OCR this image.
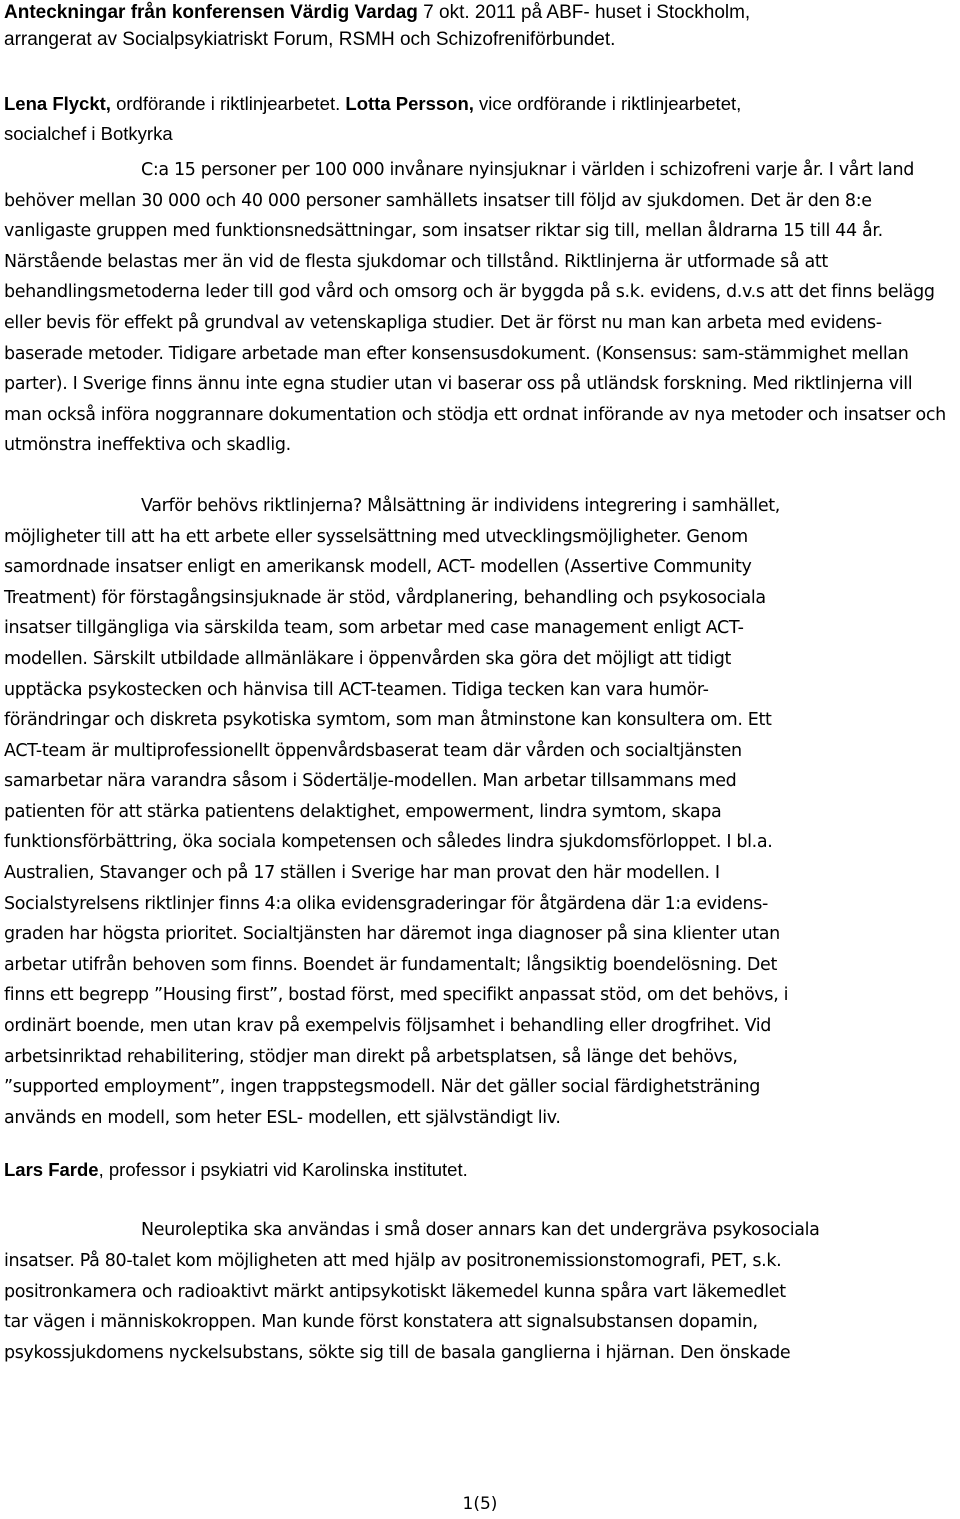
Anteckningar från konferensen Värdig Vardag 7 okt. 2011 på ABF- huset i Stockholm,

arrangerat av Socialpsykiatriskt Forum, RSMH och Schizofreniförbundet.

Lena Flyckt, ordförande i riktlinjearbetet. Lotta Persson, vice ordförande i riktlinjearbetet,

socialchef i Botkyrka

C:a 15 personer per 100 000 invånare nyinsjuknar i världen i schizofreni varje år. I vårt land behöver mellan 30 000 och 40 000 personer samhällets insatser till följd av sjukdomen. Det är den 8:e vanligaste gruppen med funktionsnedsättningar, som insatser riktar sig till, mellan åldrarna 15 till 44 år. Närstående belastas mer än vid de flesta sjukdomar och tillstånd. Riktlinjerna är utformade så att behandlingsmetoderna leder till god vård och omsorg och är byggda på s.k. evidens, d.v.s att det finns belägg eller bevis för effekt på grundval av vetenskapliga studier. Det är först nu man kan arbeta med evidens-baserade metoder. Tidigare arbetade man efter konsensusdokument. (Konsensus: sam-stämmighet mellan parter). I Sverige finns ännu inte egna studier utan vi baserar oss på utländsk forskning. Med riktlinjerna vill man också införa noggrannare dokumentation och stödja ett ordnat införande av nya metoder och insatser och utmönstra ineffektiva och skadlig.

Varför behövs riktlinjerna? Målsättning är individens integrering i samhället,

möjligheter till att ha ett arbete eller sysselsättning med utvecklingsmöjligheter. Genom

samordnade insatser enligt en amerikansk modell, ACT- modellen (Assertive Community

Treatment) för förstagångsinsjuknade är stöd, vårdplanering, behandling och psykosociala

insatser tillgängliga via särskilda team, som arbetar med case management enligt ACT-

modellen. Särskilt utbildade allmänläkare i öppenvården ska göra det möjligt att tidigt

upptäcka psykostecken och hänvisa till ACT-teamen. Tidiga tecken kan vara humör-

förändringar och diskreta psykotiska symtom, som man åtminstone kan konsultera om. Ett

ACT-team är multiprofessionellt öppenvårdsbaserat team där vården och socialtjänsten

samarbetar nära varandra såsom i Södertälje-modellen. Man arbetar tillsammans med

patienten för att stärka patientens delaktighet, empowerment, lindra symtom, skapa

funktionsförbättring, öka sociala kompetensen och således lindra sjukdomsförloppet. I bl.a.

Australien, Stavanger och på 17 ställen i Sverige har man provat den här modellen. I

Socialstyrelsens riktlinjer finns 4:a olika evidensgraderingar för åtgärdena där 1:a evidens-

graden har högsta prioritet. Socialtjänsten har däremot inga diagnoser på sina klienter utan

arbetar utifrån behoven som finns. Boendet är fundamentalt; långsiktig boendelösning. Det

finns ett begrepp ”Housing first”, bostad först, med specifikt anpassat stöd, om det behövs, i

ordinärt boende, men utan krav på exempelvis följsamhet i behandling eller drogfrihet. Vid

arbetsinriktad rehabilitering, stödjer man direkt på arbetsplatsen, så länge det behövs,

”supported employment”, ingen trappstegsmodell. När det gäller social färdighetsträning

används en modell, som heter ESL- modellen, ett självständigt liv.

Lars Farde, professor i psykiatri vid Karolinska institutet.

Neuroleptika ska användas i små doser annars kan det undergräva psykosociala

insatser. På 80-talet kom möjligheten att med hjälp av positronemissionstomografi, PET, s.k.

positronkamera och radioaktivt märkt antipsykotiskt läkemedel kunna spåra vart läkemedlet

tar vägen i människokroppen. Man kunde först konstatera att signalsubstansen dopamin,

psykossjukdomens nyckelsubstans, sökte sig till de basala ganglierna i hjärnan. Den önskade

1(5)
